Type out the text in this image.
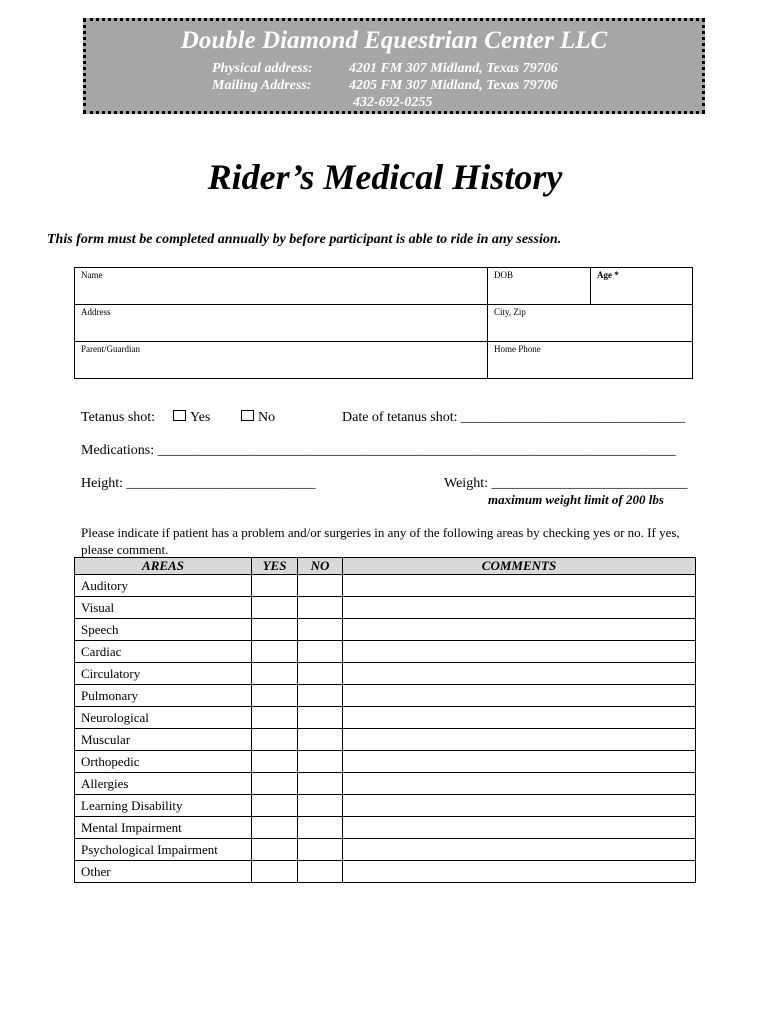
Double Diamond Equestrian Center LLC
Physical address:	4201 FM 307 Midland, Texas 79706
Mailing Address:	4205 FM 307 Midland, Texas 79706
432-692-0255
Rider’s Medical History
This form must be completed annually by before participant is able to ride in any session.
Name	DOB	Age *
Address	City, Zip	
Parent/Guardian	Home Phone	
Tetanus shot:	Yes	No	Date of tetanus shot: ________________________________
Medications: __________________________________________________________________________
Height: ___________________________	Weight: ____________________________
maximum weight limit of 200 lbs
Please indicate if patient has a problem and/or surgeries in any of the following areas by checking yes or no. If yes, please comment.
AREAS	YES	NO	COMMENTS
Auditory			
Visual			
Speech			
Cardiac			
Circulatory			
Pulmonary			
Neurological			
Muscular			
Orthopedic			
Allergies			
Learning Disability			
Mental Impairment			
Psychological Impairment			
Other			
